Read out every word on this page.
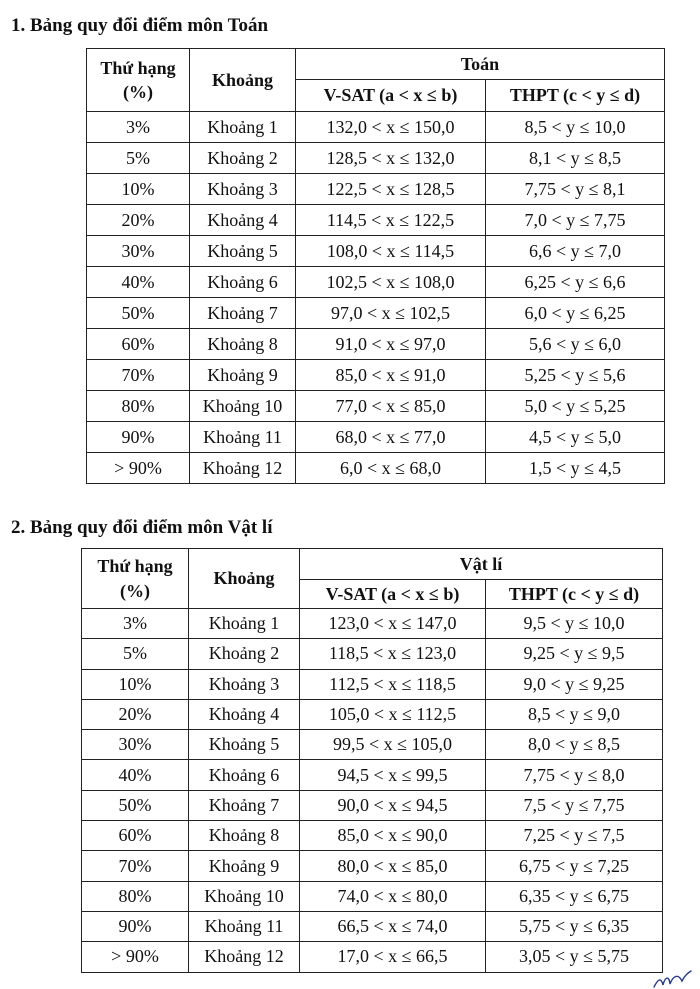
1. Bảng quy đổi điểm môn Toán
Thứ hạng
(%)	Khoảng	Toán	
		V-SAT (a < x ≤ b)	THPT (c < y ≤ d)
3%	Khoảng 1	132,0 < x ≤ 150,0	8,5 < y ≤ 10,0
5%	Khoảng 2	128,5 < x ≤ 132,0	8,1 < y ≤ 8,5
10%	Khoảng 3	122,5 < x ≤ 128,5	7,75 < y ≤ 8,1
20%	Khoảng 4	114,5 < x ≤ 122,5	7,0 < y ≤ 7,75
30%	Khoảng 5	108,0 < x ≤ 114,5	6,6 < y ≤ 7,0
40%	Khoảng 6	102,5 < x ≤ 108,0	6,25 < y ≤ 6,6
50%	Khoảng 7	97,0 < x ≤ 102,5	6,0 < y ≤ 6,25
60%	Khoảng 8	91,0 < x ≤ 97,0	5,6 < y ≤ 6,0
70%	Khoảng 9	85,0 < x ≤ 91,0	5,25 < y ≤ 5,6
80%	Khoảng 10	77,0 < x ≤ 85,0	5,0 < y ≤ 5,25
90%	Khoảng 11	68,0 < x ≤ 77,0	4,5 < y ≤ 5,0
> 90%	Khoảng 12	6,0 < x ≤ 68,0	1,5 < y ≤ 4,5
2. Bảng quy đổi điểm môn Vật lí
Thứ hạng
(%)	Khoảng	Vật lí	
		V-SAT (a < x ≤ b)	THPT (c < y ≤ d)
3%	Khoảng 1	123,0 < x ≤ 147,0	9,5 < y ≤ 10,0
5%	Khoảng 2	118,5 < x ≤ 123,0	9,25 < y ≤ 9,5
10%	Khoảng 3	112,5 < x ≤ 118,5	9,0 < y ≤ 9,25
20%	Khoảng 4	105,0 < x ≤ 112,5	8,5 < y ≤ 9,0
30%	Khoảng 5	99,5 < x ≤ 105,0	8,0 < y ≤ 8,5
40%	Khoảng 6	94,5 < x ≤ 99,5	7,75 < y ≤ 8,0
50%	Khoảng 7	90,0 < x ≤ 94,5	7,5 < y ≤ 7,75
60%	Khoảng 8	85,0 < x ≤ 90,0	7,25 < y ≤ 7,5
70%	Khoảng 9	80,0 < x ≤ 85,0	6,75 < y ≤ 7,25
80%	Khoảng 10	74,0 < x ≤ 80,0	6,35 < y ≤ 6,75
90%	Khoảng 11	66,5 < x ≤ 74,0	5,75 < y ≤ 6,35
> 90%	Khoảng 12	17,0 < x ≤ 66,5	3,05 < y ≤ 5,75
